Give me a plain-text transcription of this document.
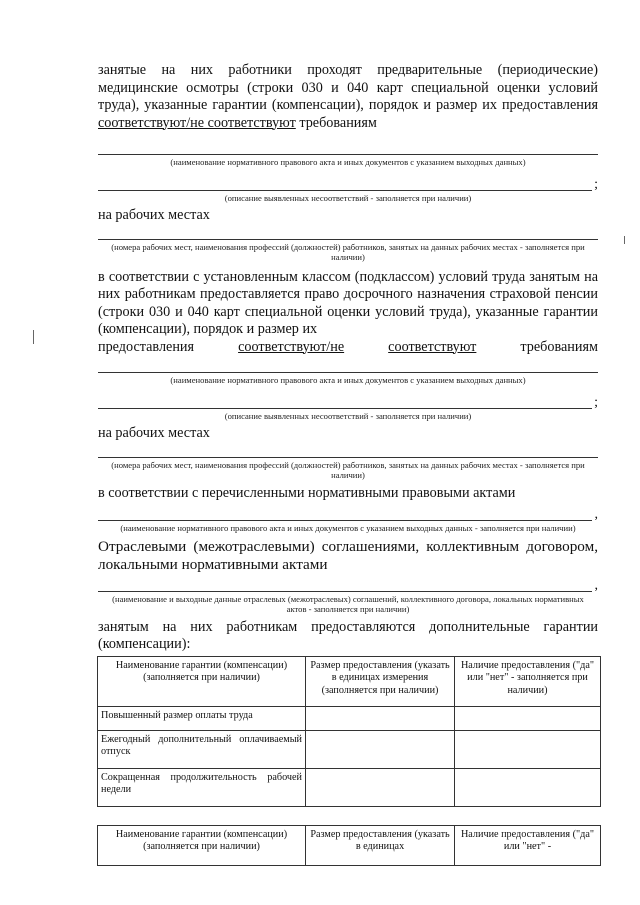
занятые на них работники проходят предварительные (периодические) медицинские осмотры (строки 030 и 040 карт специальной оценки условий труда), указанные гарантии (компенсации), порядок и размер их предоставления соответствуют/не соответствуют требованиям

(наименование нормативного правового акта и иных документов с указанием выходных данных)
;
(описание выявленных несоответствий - заполняется при наличии)

на рабочих местах

(номера рабочих мест, наименования профессий (должностей) работников, занятых на данных рабочих местах - заполняется при наличии)

в соответствии с установленным классом (подклассом) условий труда занятым на них работникам предоставляется право досрочного назначения страховой пенсии (строки 030 и 040 карт специальной оценки условий труда), указанные гарантии (компенсации), порядок и размер их

предоставления	соответствуют/не	соответствуют	требованиям

(наименование нормативного правового акта и иных документов с указанием выходных данных)
;
(описание выявленных несоответствий - заполняется при наличии)

на рабочих местах

(номера рабочих мест, наименования профессий (должностей) работников, занятых на данных рабочих местах - заполняется при наличии)

в соответствии с перечисленными нормативными правовыми актами

,
(наименование нормативного правового акта и иных документов с указанием выходных данных - заполняется при наличии)

Отраслевыми (межотраслевыми) соглашениями, коллективным договором, локальными нормативными актами

,
(наименование и выходные данные отраслевых (межотраслевых) соглашений, коллективного договора, локальных нормативных актов - заполняется при наличии)

занятым на них работникам предоставляются дополнительные гарантии (компенсации):

Наименование гарантии (компенсации) (заполняется при наличии)	Размер предоставления (указать в единицах измерения (заполняется при наличии)	Наличие предоставления ("да" или "нет" - заполняется при наличии)
Повышенный размер оплаты труда		
Ежегодный дополнительный оплачиваемый отпуск		
Сокращенная продолжительность рабочей недели		
Наименование гарантии (компенсации) (заполняется при наличии)	Размер предоставления (указать в единицах	Наличие предоставления ("да" или "нет" -
